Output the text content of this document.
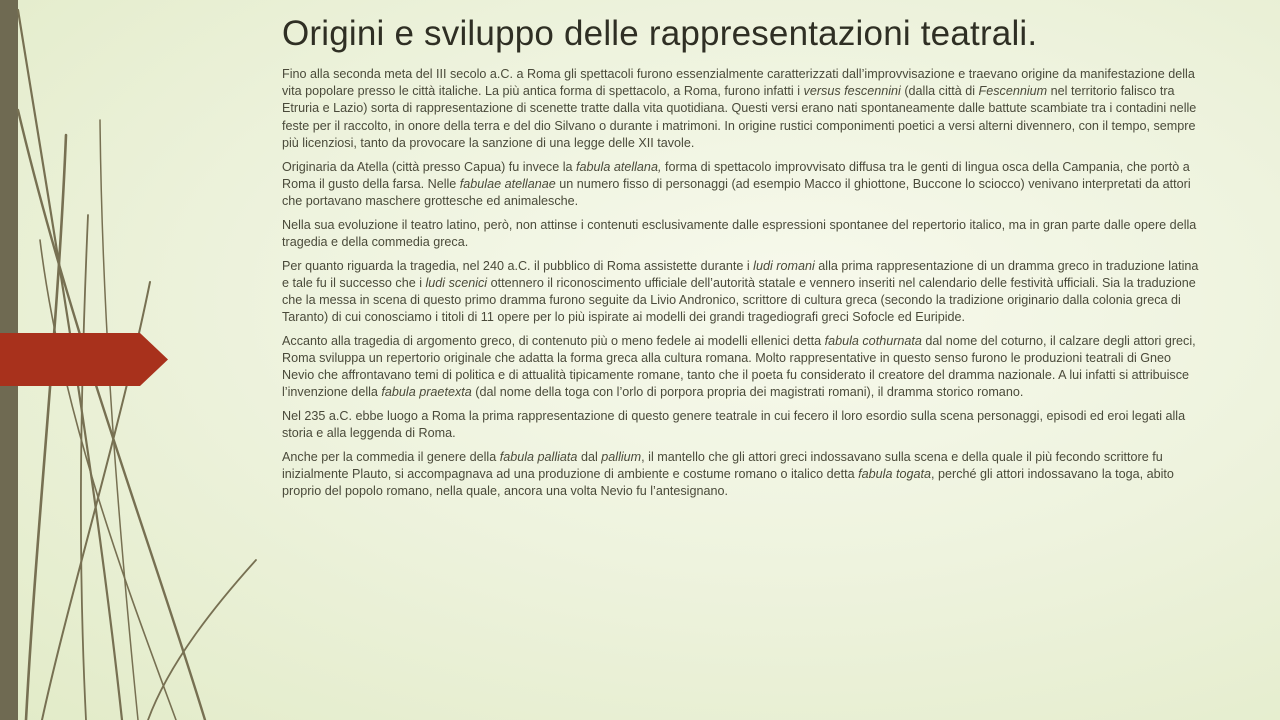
Origini e sviluppo delle rappresentazioni teatrali.

Fino alla seconda meta del III secolo a.C. a Roma gli spettacoli furono essenzialmente caratterizzati dall’improvvisazione e traevano origine da manifestazione della vita popolare presso le città italiche. La più antica forma di spettacolo, a Roma, furono infatti i versus fescennini (dalla città di Fescennium nel territorio falisco tra Etruria e Lazio) sorta di rappresentazione di scenette tratte dalla vita quotidiana. Questi versi erano nati spontaneamente dalle battute scambiate tra i contadini nelle feste per il raccolto, in onore della terra e del dio Silvano o durante i matrimoni. In origine rustici componimenti poetici a versi alterni divennero, con il tempo, sempre più licenziosi, tanto da provocare la sanzione di una legge delle XII tavole.

Originaria da Atella (città presso Capua) fu invece la fabula atellana, forma di spettacolo improvvisato diffusa tra le genti di lingua osca della Campania, che portò a Roma il gusto della farsa. Nelle fabulae atellanae un numero fisso di personaggi (ad esempio Macco il ghiottone, Buccone lo sciocco) venivano interpretati da attori che portavano maschere grottesche ed animalesche.

Nella sua evoluzione il teatro latino, però, non attinse i contenuti esclusivamente dalle espressioni spontanee del repertorio italico, ma in gran parte dalle opere della tragedia e della commedia greca.

Per quanto riguarda la tragedia, nel 240 a.C. il pubblico di Roma assistette durante i ludi romani alla prima rappresentazione di un dramma greco in traduzione latina e tale fu il successo che i ludi scenici ottennero il riconoscimento ufficiale dell’autorità statale e vennero inseriti nel calendario delle festività ufficiali. Sia la traduzione che la messa in scena di questo primo dramma furono seguite da Livio Andronico, scrittore di cultura greca (secondo la tradizione originario dalla colonia greca di Taranto) di cui conosciamo i titoli di 11 opere per lo più ispirate ai modelli dei grandi tragediografi greci Sofocle ed Euripide.

Accanto alla tragedia di argomento greco, di contenuto più o meno fedele ai modelli ellenici detta fabula cothurnata dal nome del coturno, il calzare degli attori greci, Roma sviluppa un repertorio originale che adatta la forma greca alla cultura romana. Molto rappresentative in questo senso furono le produzioni teatrali di Gneo Nevio che affrontavano temi di politica e di attualità tipicamente romane, tanto che il poeta fu considerato il creatore del dramma nazionale. A lui infatti si attribuisce l’invenzione della fabula praetexta (dal nome della toga con l’orlo di porpora propria dei magistrati romani), il dramma storico romano.

Nel 235 a.C. ebbe luogo a Roma la prima rappresentazione di questo genere teatrale in cui fecero il loro esordio sulla scena personaggi, episodi ed eroi legati alla storia e alla leggenda di Roma.

Anche per la commedia il genere della fabula palliata dal pallium, il mantello che gli attori greci indossavano sulla scena e della quale il più fecondo scrittore fu inizialmente Plauto, si accompagnava ad una produzione di ambiente e costume romano o italico detta fabula togata, perché gli attori indossavano la toga, abito proprio del popolo romano, nella quale, ancora una volta Nevio fu l’antesignano.
